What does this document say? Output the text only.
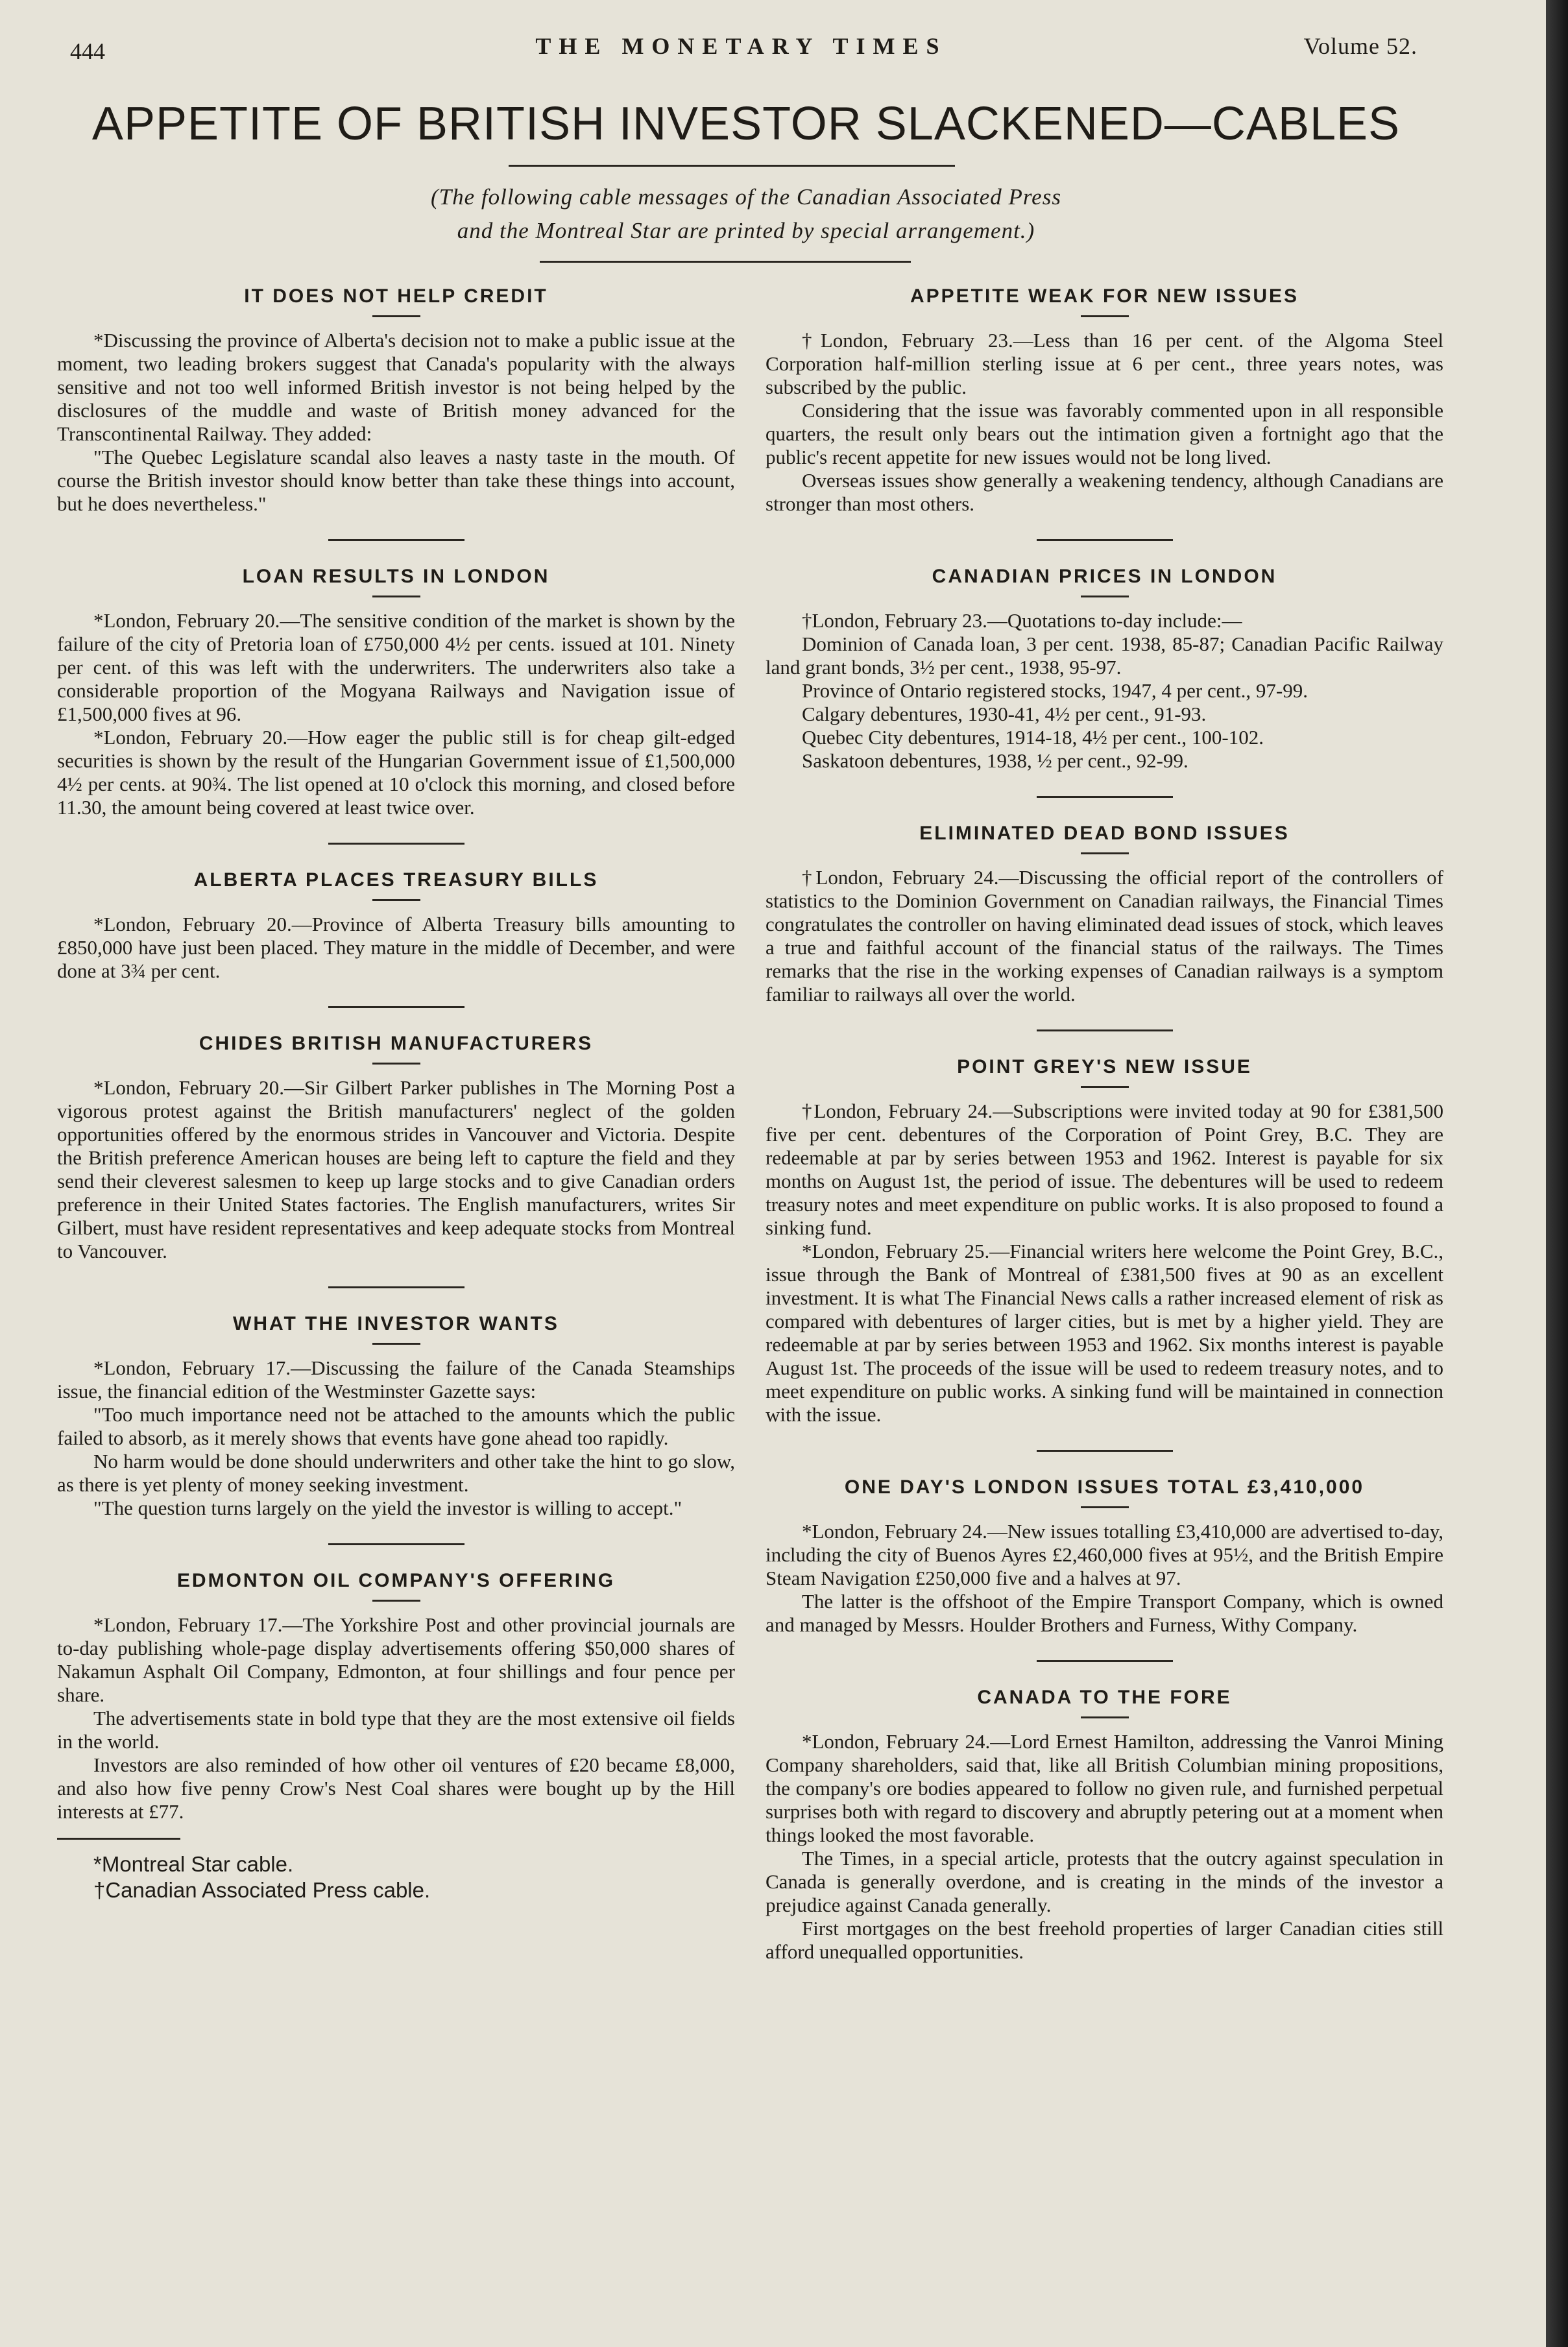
444	THE MONETARY TIMES	Volume 52.
APPETITE OF BRITISH INVESTOR SLACKENED—CABLES
(The following cable messages of the Canadian Associated Press
and the Montreal Star are printed by special arrangement.)
IT DOES NOT HELP CREDIT

*Discussing the province of Alberta's decision not to make a public issue at the moment, two leading brokers suggest that Canada's popularity with the always sensitive and not too well informed British investor is not being helped by the disclosures of the muddle and waste of British money advanced for the Transcontinental Railway. They added:

"The Quebec Legislature scandal also leaves a nasty taste in the mouth. Of course the British investor should know better than take these things into account, but he does nevertheless."

LOAN RESULTS IN LONDON

*London, February 20.—The sensitive condition of the market is shown by the failure of the city of Pretoria loan of £750,000 4½ per cents. issued at 101. Ninety per cent. of this was left with the underwriters. The underwriters also take a considerable proportion of the Mogyana Railways and Navigation issue of £1,500,000 fives at 96.

*London, February 20.—How eager the public still is for cheap gilt-edged securities is shown by the result of the Hungarian Government issue of £1,500,000 4½ per cents. at 90¾. The list opened at 10 o'clock this morning, and closed before 11.30, the amount being covered at least twice over.

ALBERTA PLACES TREASURY BILLS

*London, February 20.—Province of Alberta Treasury bills amounting to £850,000 have just been placed. They mature in the middle of December, and were done at 3¾ per cent.

CHIDES BRITISH MANUFACTURERS

*London, February 20.—Sir Gilbert Parker publishes in The Morning Post a vigorous protest against the British manufacturers' neglect of the golden opportunities offered by the enormous strides in Vancouver and Victoria. Despite the British preference American houses are being left to capture the field and they send their cleverest salesmen to keep up large stocks and to give Canadian orders preference in their United States factories. The English manufacturers, writes Sir Gilbert, must have resident representatives and keep adequate stocks from Montreal to Vancouver.

WHAT THE INVESTOR WANTS

*London, February 17.—Discussing the failure of the Canada Steamships issue, the financial edition of the Westminster Gazette says:

"Too much importance need not be attached to the amounts which the public failed to absorb, as it merely shows that events have gone ahead too rapidly.

No harm would be done should underwriters and other take the hint to go slow, as there is yet plenty of money seeking investment.

"The question turns largely on the yield the investor is willing to accept."

EDMONTON OIL COMPANY'S OFFERING

*London, February 17.—The Yorkshire Post and other provincial journals are to-day publishing whole-page display advertisements offering $50,000 shares of Nakamun Asphalt Oil Company, Edmonton, at four shillings and four pence per share.

The advertisements state in bold type that they are the most extensive oil fields in the world.

Investors are also reminded of how other oil ventures of £20 became £8,000, and also how five penny Crow's Nest Coal shares were bought up by the Hill interests at £77.

*Montreal Star cable.

†Canadian Associated Press cable.

APPETITE WEAK FOR NEW ISSUES

†London, February 23.—Less than 16 per cent. of the Algoma Steel Corporation half-million sterling issue at 6 per cent., three years notes, was subscribed by the public.

Considering that the issue was favorably commented upon in all responsible quarters, the result only bears out the intimation given a fortnight ago that the public's recent appetite for new issues would not be long lived.

Overseas issues show generally a weakening tendency, although Canadians are stronger than most others.

CANADIAN PRICES IN LONDON

†London, February 23.—Quotations to-day include:—

Dominion of Canada loan, 3 per cent. 1938, 85-87; Canadian Pacific Railway land grant bonds, 3½ per cent., 1938, 95-97.

Province of Ontario registered stocks, 1947, 4 per cent., 97-99.

Calgary debentures, 1930-41, 4½ per cent., 91-93.

Quebec City debentures, 1914-18, 4½ per cent., 100-102.

Saskatoon debentures, 1938, ½ per cent., 92-99.

ELIMINATED DEAD BOND ISSUES

†London, February 24.—Discussing the official report of the controllers of statistics to the Dominion Government on Canadian railways, the Financial Times congratulates the controller on having eliminated dead issues of stock, which leaves a true and faithful account of the financial status of the railways. The Times remarks that the rise in the working expenses of Canadian railways is a symptom familiar to railways all over the world.

POINT GREY'S NEW ISSUE

†London, February 24.—Subscriptions were invited today at 90 for £381,500 five per cent. debentures of the Corporation of Point Grey, B.C. They are redeemable at par by series between 1953 and 1962. Interest is payable for six months on August 1st, the period of issue. The debentures will be used to redeem treasury notes and meet expenditure on public works. It is also proposed to found a sinking fund.

*London, February 25.—Financial writers here welcome the Point Grey, B.C., issue through the Bank of Montreal of £381,500 fives at 90 as an excellent investment. It is what The Financial News calls a rather increased element of risk as compared with debentures of larger cities, but is met by a higher yield. They are redeemable at par by series between 1953 and 1962. Six months interest is payable August 1st. The proceeds of the issue will be used to redeem treasury notes, and to meet expenditure on public works. A sinking fund will be maintained in connection with the issue.

ONE DAY'S LONDON ISSUES TOTAL £3,410,000

*London, February 24.—New issues totalling £3,410,000 are advertised to-day, including the city of Buenos Ayres £2,460,000 fives at 95½, and the British Empire Steam Navigation £250,000 five and a halves at 97.

The latter is the offshoot of the Empire Transport Company, which is owned and managed by Messrs. Houlder Brothers and Furness, Withy Company.

CANADA TO THE FORE

*London, February 24.—Lord Ernest Hamilton, addressing the Vanroi Mining Company shareholders, said that, like all British Columbian mining propositions, the company's ore bodies appeared to follow no given rule, and furnished perpetual surprises both with regard to discovery and abruptly petering out at a moment when things looked the most favorable.

The Times, in a special article, protests that the outcry against speculation in Canada is generally overdone, and is creating in the minds of the investor a prejudice against Canada generally.

First mortgages on the best freehold properties of larger Canadian cities still afford unequalled opportunities.
